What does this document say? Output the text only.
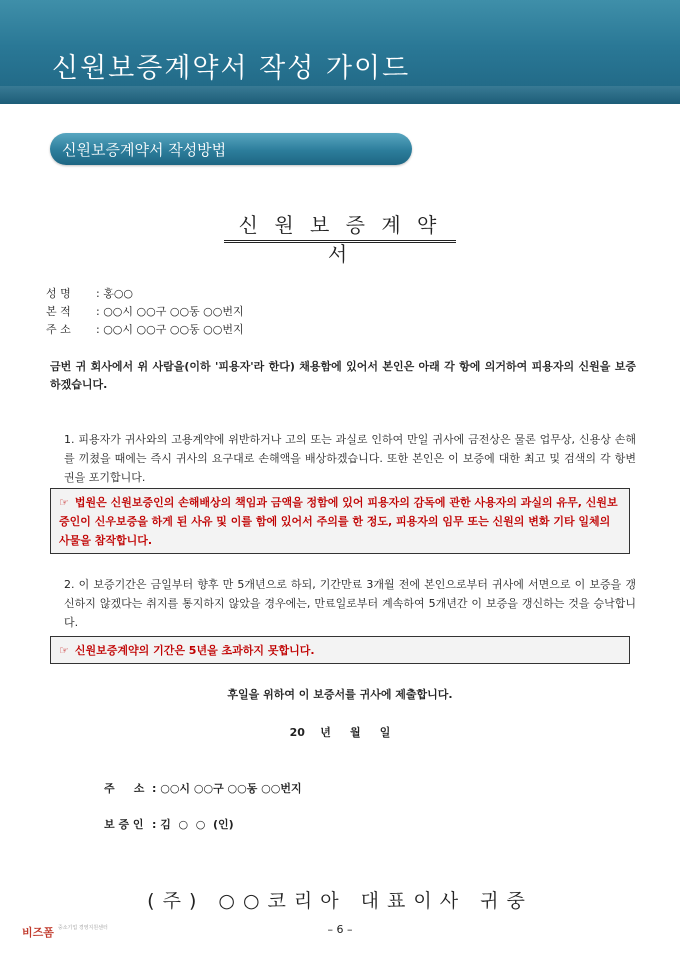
신원보증계약서 작성 가이드
신원보증계약서 작성방법
신 원 보 증 계 약 서
성 명 : 홍○○
본 적 : ○○시 ○○구 ○○동 ○○번지
주 소 : ○○시 ○○구 ○○동 ○○번지
금번 귀 회사에서 위 사람을(이하 '피용자'라 한다) 채용함에 있어서 본인은 아래 각 항에 의거하여 피용자의 신원을 보증하겠습니다.
1. 피용자가 귀사와의 고용계약에 위반하거나 고의 또는 과실로 인하여 만일 귀사에 금전상은 물론 업무상, 신용상 손해를 끼쳤을 때에는 즉시 귀사의 요구대로 손해액을 배상하겠습니다. 또한 본인은 이 보증에 대한 최고 및 검색의 각 항변권을 포기합니다.
☞ 법원은 신원보증인의 손해배상의 책임과 금액을 정함에 있어 피용자의 감독에 관한 사용자의 과실의 유무, 신원보증인이 신우보증을 하게 된 사유 및 이를 함에 있어서 주의를 한 정도, 피용자의 임무 또는 신원의 변화 기타 일체의 사물을 참작합니다.
2. 이 보증기간은 금일부터 향후 만 5개년으로 하되, 기간만료 3개월 전에 본인으로부터 귀사에 서면으로 이 보증을 갱신하지 않겠다는 취지를 통지하지 않았을 경우에는, 만료일로부터 계속하여 5개년간 이 보증을 갱신하는 것을 승낙합니다.
☞ 신원보증계약의 기간은 5년을 초과하지 못합니다.
후일을 위하여 이 보증서를 귀사에 제출합니다.
20    년     월     일
주     소 : ○○시 ○○구 ○○동 ○○번지
보 증 인 : 김  ○  ○  (인)
(주) ○○코리아 대표이사 귀중
비즈폼 $^{중소기업 경영지원센터}$	– 6 –
